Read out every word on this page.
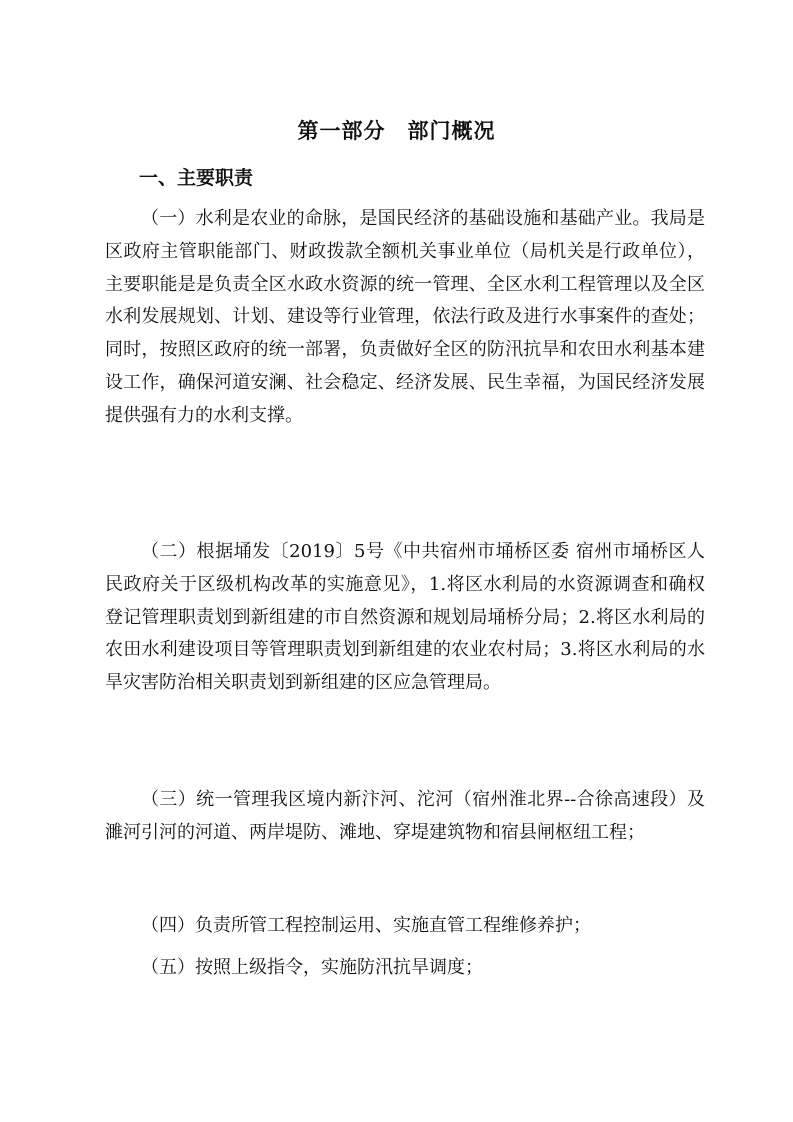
第一部分　部门概况
一、主要职责

（一）水利是农业的命脉，是国民经济的基础设施和基础产业。我局是区政府主管职能部门、财政拨款全额机关事业单位（局机关是行政单位），主要职能是是负责全区水政水资源的统一管理、全区水利工程管理以及全区水利发展规划、计划、建设等行业管理，依法行政及进行水事案件的查处；同时，按照区政府的统一部署，负责做好全区的防汛抗旱和农田水利基本建设工作，确保河道安澜、社会稳定、经济发展、民生幸福，为国民经济发展提供强有力的水利支撑。

（二）根据埇发〔2019〕5号《中共宿州市埇桥区委 宿州市埇桥区人民政府关于区级机构改革的实施意见》，1.将区水利局的水资源调查和确权登记管理职责划到新组建的市自然资源和规划局埇桥分局；2.将区水利局的农田水利建设项目等管理职责划到新组建的农业农村局；3.将区水利局的水旱灾害防治相关职责划到新组建的区应急管理局。

（三）统一管理我区境内新汴河、沱河（宿州淮北界--合徐高速段）及濉河引河的河道、两岸堤防、滩地、穿堤建筑物和宿县闸枢纽工程；

（四）负责所管工程控制运用、实施直管工程维修养护；

（五）按照上级指令，实施防汛抗旱调度；
